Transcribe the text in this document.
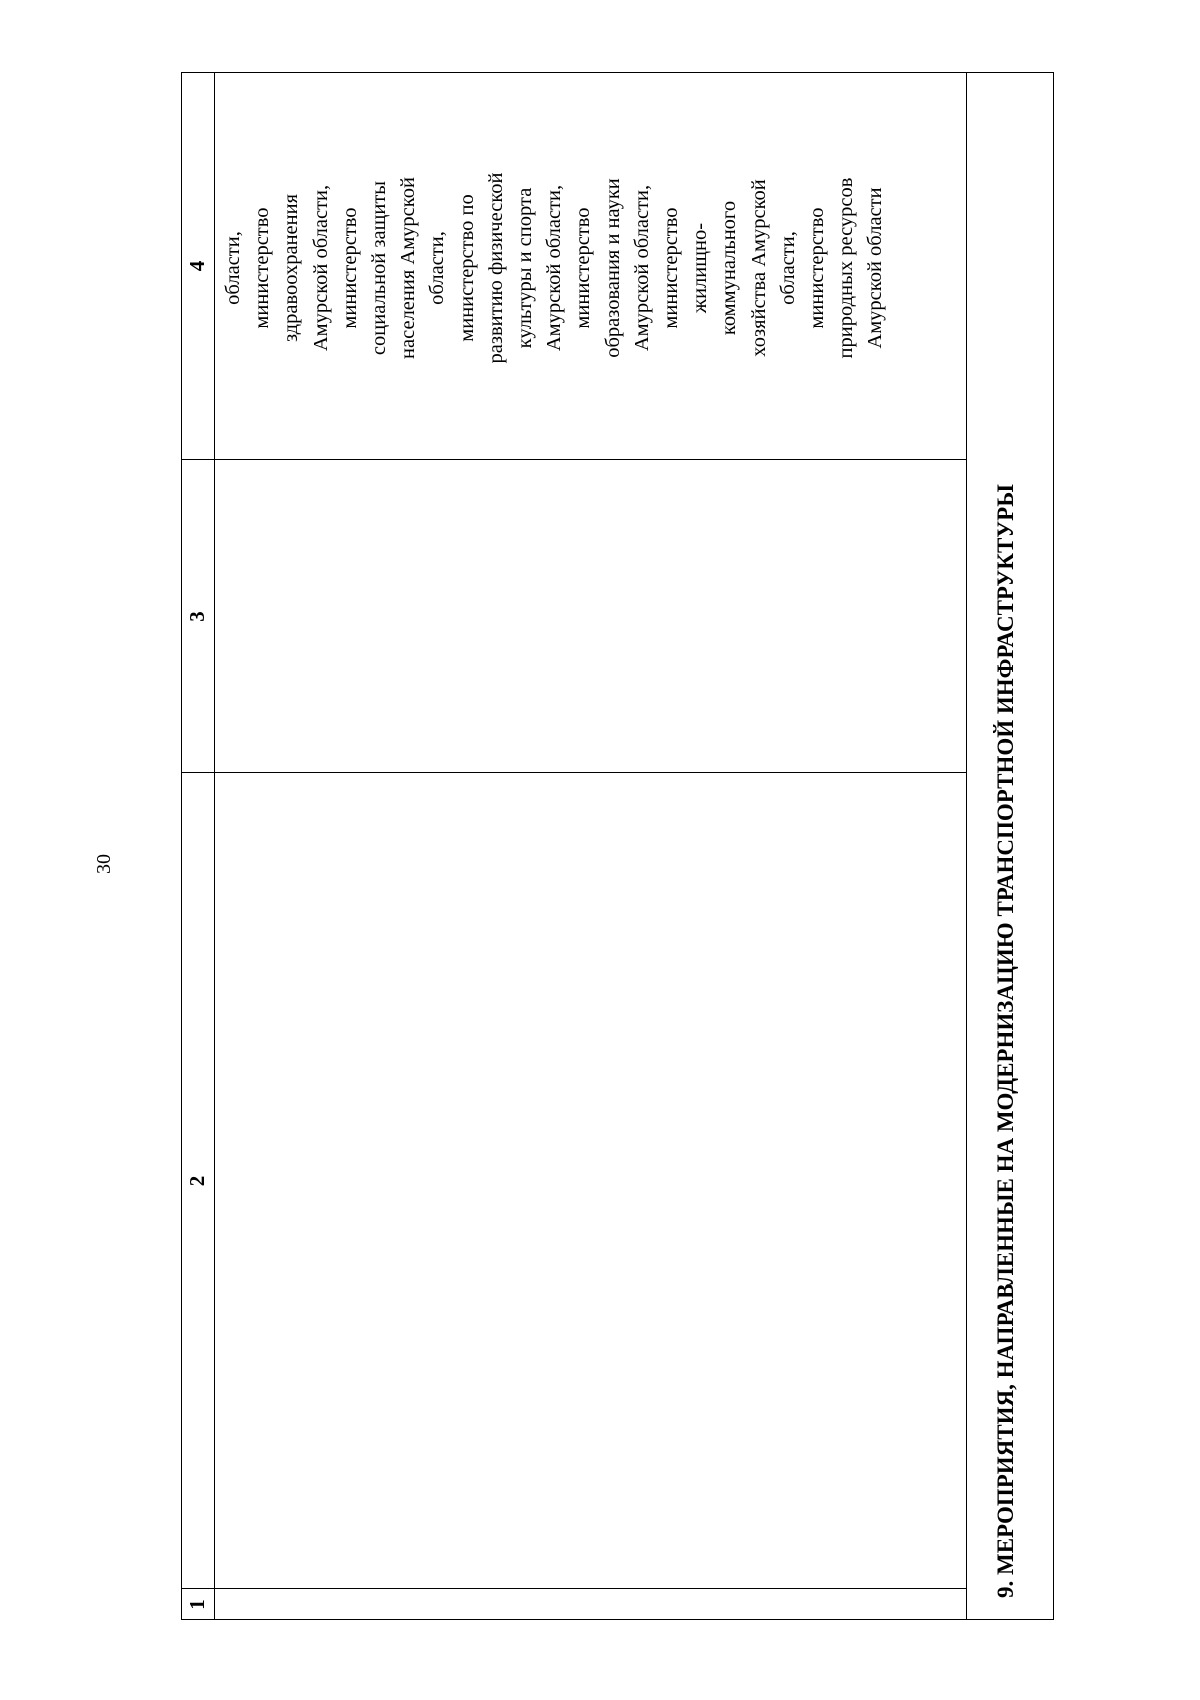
30
1
2
3
4 области, министерство здравоохранения Амурской области, министерство социальной защиты населения Амурской области, министерство по развитию физической культуры и спорта Амурской области, министерство образования и науки Амурской области, министерство жилищно- коммунального хозяйства Амурской области, министерство природных ресурсов Амурской области
9. МЕРОПРИЯТИЯ, НАПРАВЛЕННЫЕ НА МОДЕРНИЗАЦИЮ ТРАНСПОРТНОЙ ИНФРАСТРУКТУРЫ
